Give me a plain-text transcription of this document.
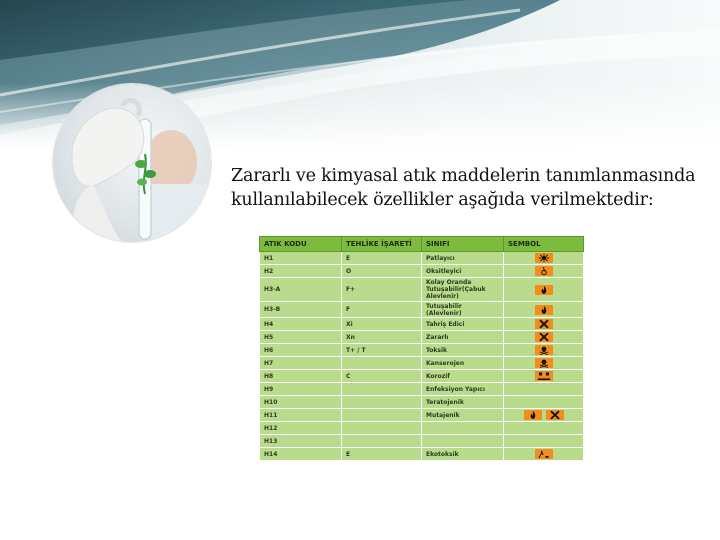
Zararlı ve kimyasal atık maddelerin tanımlanmasında kullanılabilecek özellikler aşağıda verilmektedir:
ATIK KODU	TEHLİKE İŞARETİ	SINIFI	SEMBOL
H1	E	Patlayıcı	

H2	O	Oksitleyici	

H3-A	F+	Kolay Oranda Tutuşabilir(Çabuk Alevlenir)	

H3-B	F	Tutuşabilir (Alevlenir)	

H4	Xi	Tahriş Edici	

H5	Xn	Zararlı	

H6	T+ / T	Toksik	

H7		Kanserojen	

H8	C	Korozif	

H9		Enfeksiyon Yapıcı	
H10		Teratojenik	
H11		Mutajenik	

H12			
H13			
H14	E	Ekotoksik	
